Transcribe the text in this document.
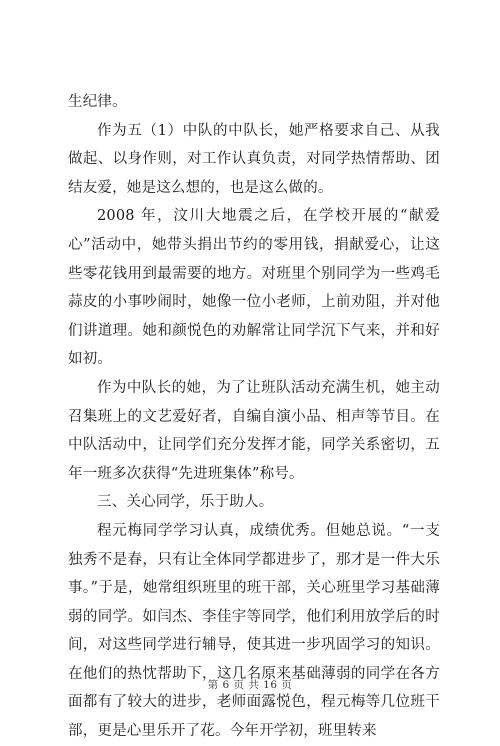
生纪律。

作为五（1）中队的中队长，她严格要求自己、从我做起、以身作则，对工作认真负责，对同学热情帮助、团结友爱，她是这么想的，也是这么做的。

2008 年，汶川大地震之后，在学校开展的“献爱心”活动中，她带头捐出节约的零用钱，捐献爱心，让这些零花钱用到最需要的地方。对班里个别同学为一些鸡毛蒜皮的小事吵闹时，她像一位小老师，上前劝阻，并对他们讲道理。她和颜悦色的劝解常让同学沉下气来，并和好如初。

作为中队长的她，为了让班队活动充满生机，她主动召集班上的文艺爱好者，自编自演小品、相声等节目。在中队活动中，让同学们充分发挥才能，同学关系密切，五年一班多次获得“先进班集体”称号。

三、关心同学，乐于助人。

程元梅同学学习认真，成绩优秀。但她总说。“一支独秀不是春，只有让全体同学都进步了，那才是一件大乐事。”于是，她常组织班里的班干部，关心班里学习基础薄弱的同学。如闫杰、李佳宇等同学，他们利用放学后的时间，对这些同学进行辅导，使其进一步巩固学习的知识。在他们的热忱帮助下，这几名原来基础薄弱的同学在各方面都有了较大的进步，老师面露悦色，程元梅等几位班干部，更是心里乐开了花。今年开学初，班里转来

第 6 页 共 16 页
